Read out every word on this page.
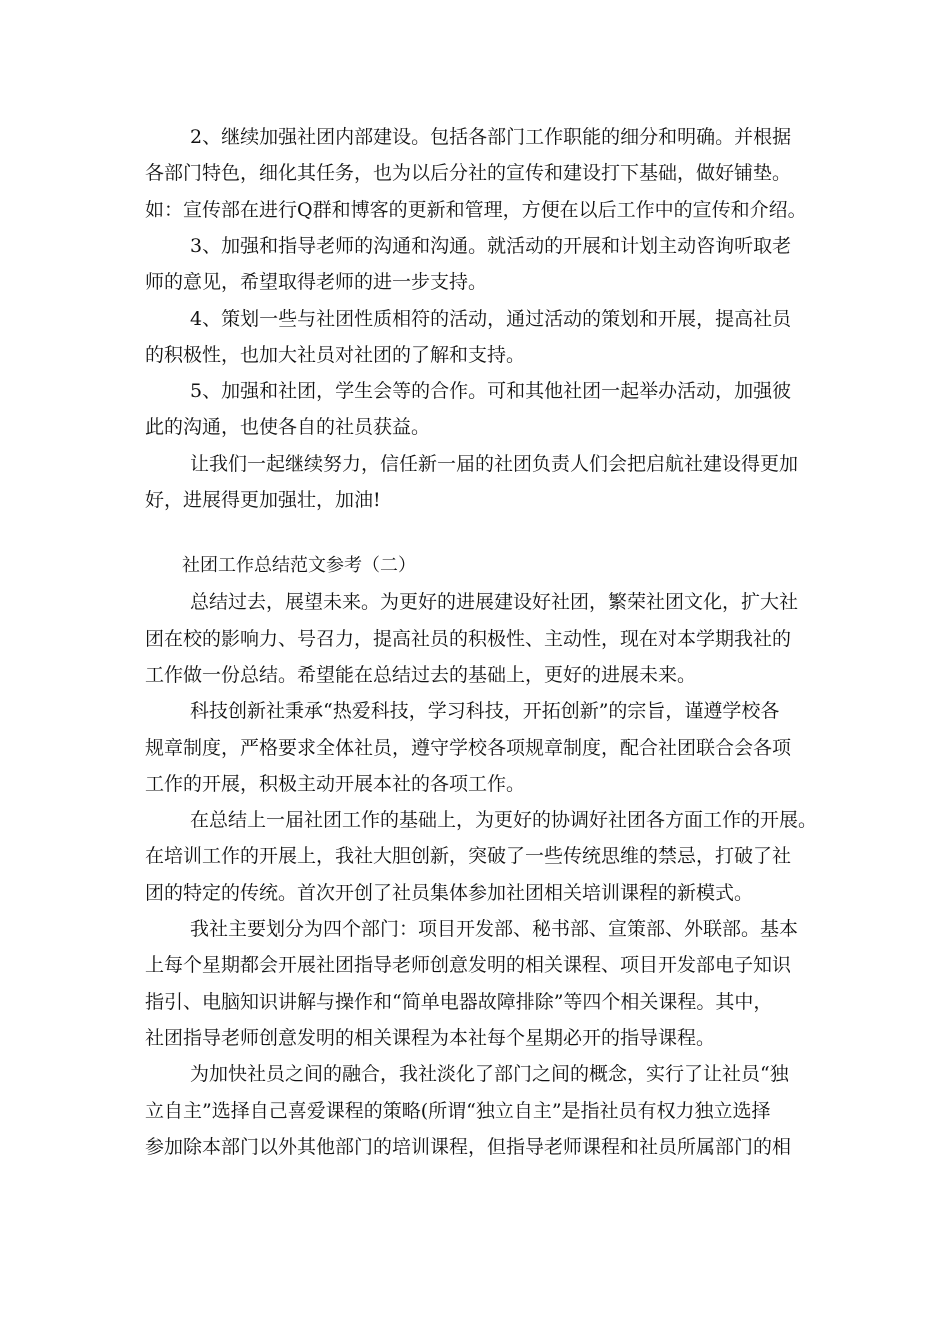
2、继续加强社团内部建设。包括各部门工作职能的细分和明确。并根据
各部门特色，细化其任务，也为以后分社的宣传和建设打下基础，做好铺垫。
如：宣传部在进行Q群和博客的更新和管理，方便在以后工作中的宣传和介绍。
3、加强和指导老师的沟通和沟通。就活动的开展和计划主动咨询听取老
师的意见，希望取得老师的进一步支持。
4、策划一些与社团性质相符的活动，通过活动的策划和开展，提高社员
的积极性，也加大社员对社团的了解和支持。
5、加强和社团，学生会等的合作。可和其他社团一起举办活动，加强彼
此的沟通，也使各自的社员获益。
让我们一起继续努力，信任新一届的社团负责人们会把启航社建设得更加
好，进展得更加强壮，加油!
社团工作总结范文参考（二）
总结过去，展望未来。为更好的进展建设好社团，繁荣社团文化，扩大社
团在校的影响力、号召力，提高社员的积极性、主动性，现在对本学期我社的
工作做一份总结。希望能在总结过去的基础上，更好的进展未来。
科技创新社秉承“热爱科技，学习科技，开拓创新”的宗旨，谨遵学校各
规章制度，严格要求全体社员，遵守学校各项规章制度，配合社团联合会各项
工作的开展，积极主动开展本社的各项工作。
在总结上一届社团工作的基础上，为更好的协调好社团各方面工作的开展。
在培训工作的开展上，我社大胆创新，突破了一些传统思维的禁忌，打破了社
团的特定的传统。首次开创了社员集体参加社团相关培训课程的新模式。
我社主要划分为四个部门：项目开发部、秘书部、宣策部、外联部。基本
上每个星期都会开展社团指导老师创意发明的相关课程、项目开发部电子知识
指引、电脑知识讲解与操作和“简单电器故障排除”等四个相关课程。其中，
社团指导老师创意发明的相关课程为本社每个星期必开的指导课程。
为加快社员之间的融合，我社淡化了部门之间的概念，实行了让社员“独
立自主”选择自己喜爱课程的策略(所谓“独立自主”是指社员有权力独立选择
参加除本部门以外其他部门的培训课程，但指导老师课程和社员所属部门的相
